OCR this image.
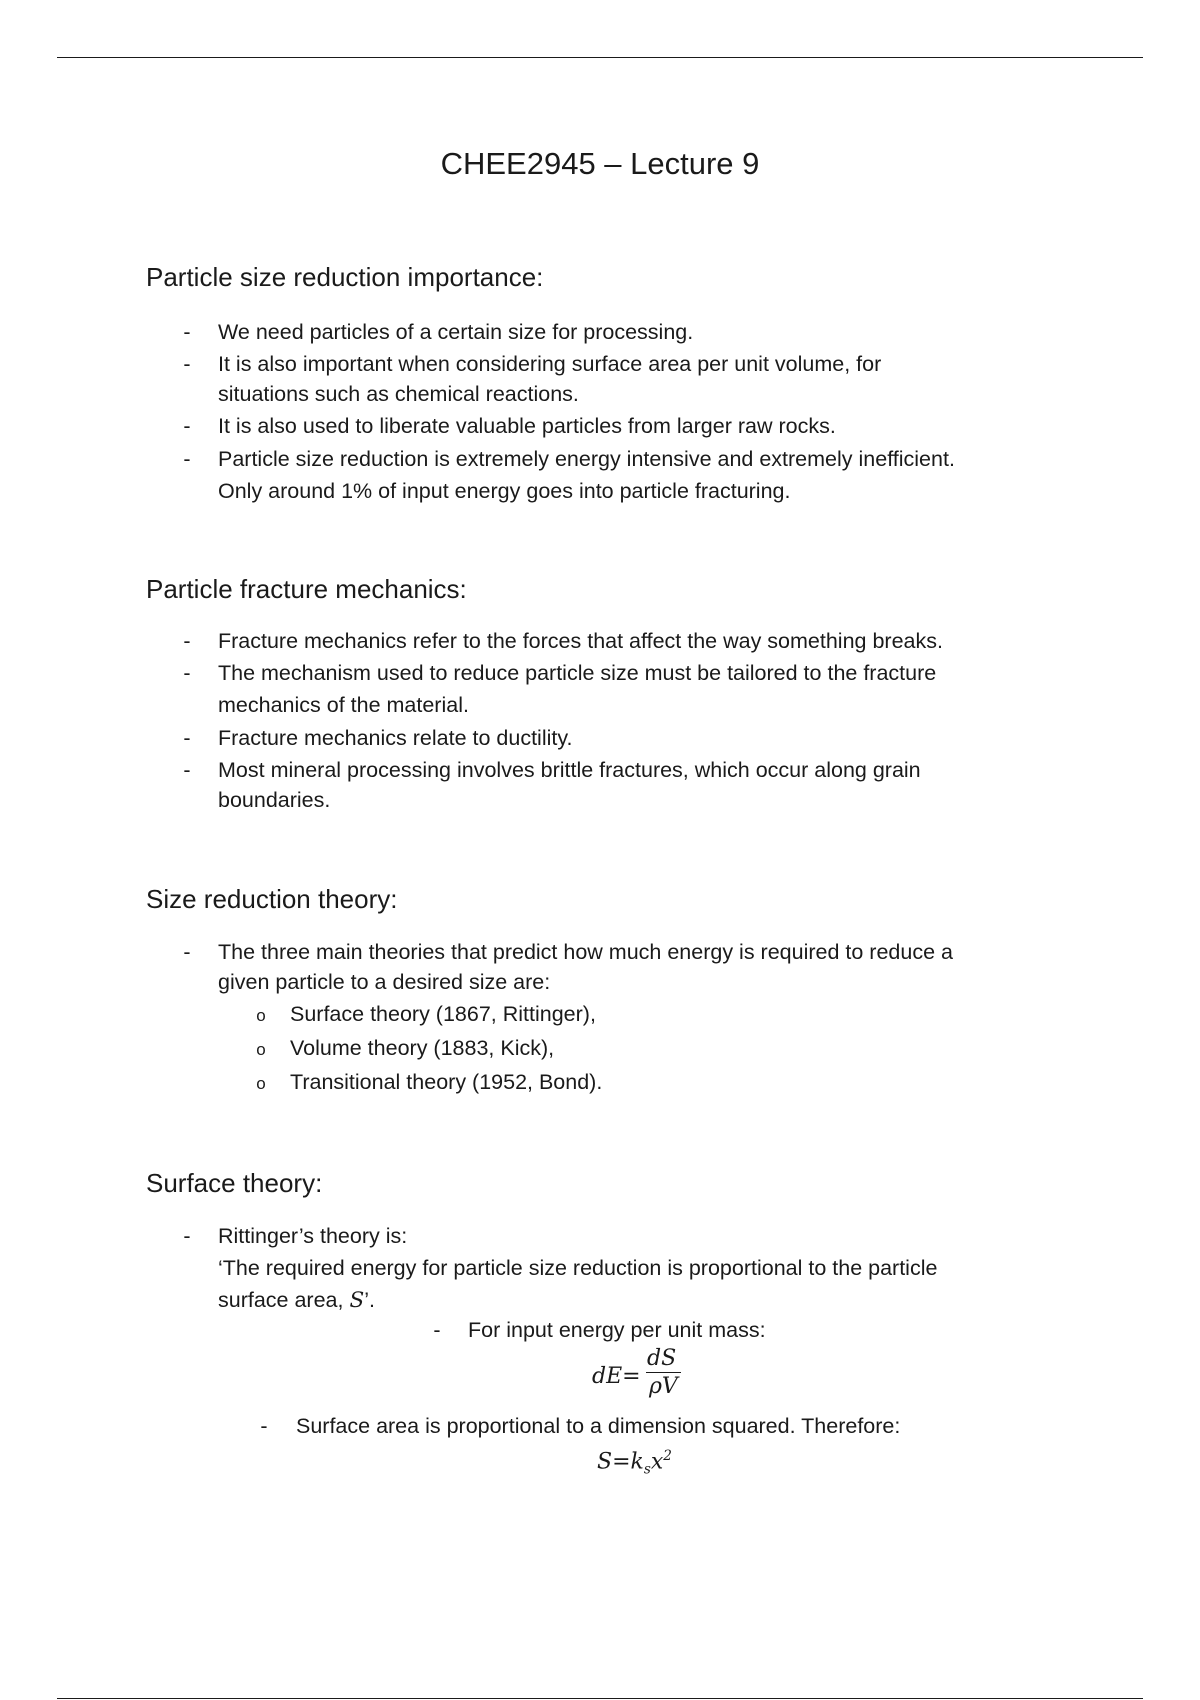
CHEE2945 – Lecture 9
Particle size reduction importance:
- We need particles of a certain size for processing.
- It is also important when considering surface area per unit volume, for
situations such as chemical reactions.
- It is also used to liberate valuable particles from larger raw rocks.
- Particle size reduction is extremely energy intensive and extremely inefficient.
Only around 1% of input energy goes into particle fracturing.
Particle fracture mechanics:
- Fracture mechanics refer to the forces that affect the way something breaks.
- The mechanism used to reduce particle size must be tailored to the fracture
mechanics of the material.
- Fracture mechanics relate to ductility.
- Most mineral processing involves brittle fractures, which occur along grain
boundaries.
Size reduction theory:
- The three main theories that predict how much energy is required to reduce a
given particle to a desired size are:
o Surface theory (1867, Rittinger),
o Volume theory (1883, Kick),
o Transitional theory (1952, Bond).
Surface theory:
- Rittinger’s theory is:
‘The required energy for particle size reduction is proportional to the particle
surface area, S’.
- For input energy per unit mass:
dE=
dS
ρV
- Surface area is proportional to a dimension squared. Therefore:
$S=k_sx^2$
